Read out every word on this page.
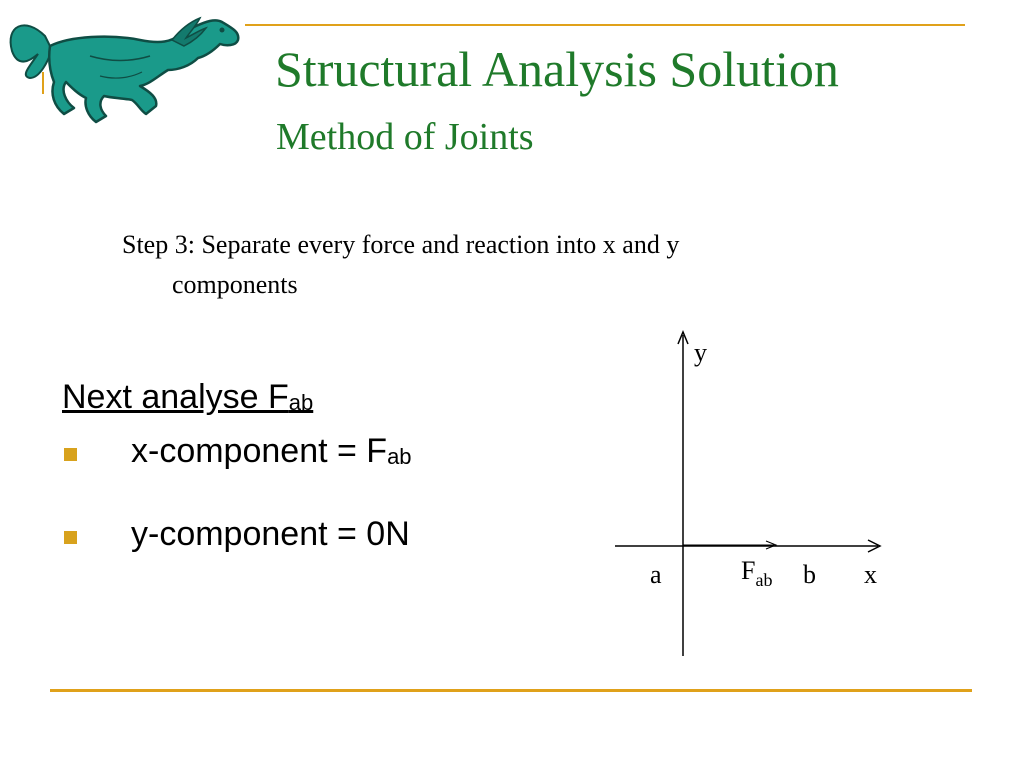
Structural Analysis Solution
Method of Joints
Step 3: Separate every force and reaction into x and y
components
Next analyse Fab
x-component = Fab
y-component = 0N
y
a	$F_{ab}$ b x
